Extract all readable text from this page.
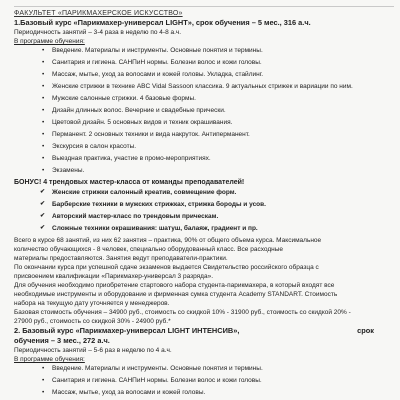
ФАКУЛЬТЕТ «ПАРИКМАХЕРСКОЕ ИСКУССТВО»
1.Базовый курс «Парикмахер-универсал LIGHT», срок обучения – 5 мес., 316 а.ч.

Периодичность занятий – 3-4 раза в неделю по 4-8 а.ч.

В программе обучения:

• Введение. Материалы и инструменты. Основные понятия и термины.
• Санитария и гигиена. САНПиН нормы. Болезни волос и кожи головы.
• Массаж, мытье, уход за волосами и кожей головы. Укладка, стайлинг.
• Женские стрижки в технике ABC Vidal Sassoon классика. 9 актуальных стрижек и вариации по ним.
• Мужские салонные стрижки. 4 базовые формы.
• Дизайн длинных волос. Вечерние и свадебные прически.
• Цветовой дизайн. 5 основных видов и техник окрашивания.
• Перманент. 2 основных техники и вида накруток. Антиперманент.
• Экскурсия в салон красоты.
• Выездная практика, участие в промо-мероприятиях.
• Экзамены.
БОНУС! 4 трендовых мастер-класса от команды преподавателей!
✔ Женские стрижки салонный креатив, совмещение форм.
✔ Барберские техники в мужских стрижках, стрижка бороды и усов.
✔ Авторский мастер-класс по трендовым прическам.
✔ Сложные техники окрашивания: шатуш, балаяж, градиент и пр.

Всего в курсе 68 занятий, из них 62 занятия – практика, 90% от общего объема курса. Максимальное

количество обучающихся - 8 человек, специально оборудованный класс. Все расходные

материалы предоставляются. Занятия ведут преподаватели-практики.

По окончании курса при успешной сдаче экзаменов выдается Свидетельство российского образца с

присвоением квалификации «Парикмахер-универсал 3 разряда».

Для обучения необходимо приобретение стартового набора студента-парикмахера, в который входят все

необходимые инструменты и оборудование и фирменная сумка студента Academy STANDART. Стоимость

набора на текущую дату уточняется у менеджеров.

Базовая стоимость обучения – 34900 руб., стоимость со скидкой 10% - 31900 руб., стоимость со скидкой 20% -

27900 руб., стоимость со скидкой 30% - 24900 руб.*

2. Базовый курс «Парикмахер-универсал LIGHT ИНТЕНСИВ»,	срок
обучения – 3 мес., 272 а.ч.

Периодичность занятий – 5-6 раз в неделю по 4 а.ч.

В программе обучения:

• Введение. Материалы и инструменты. Основные понятия и термины.
• Санитария и гигиена. САНПиН нормы. Болезни волос и кожи головы.
• Массаж, мытье, уход за волосами и кожей головы.
